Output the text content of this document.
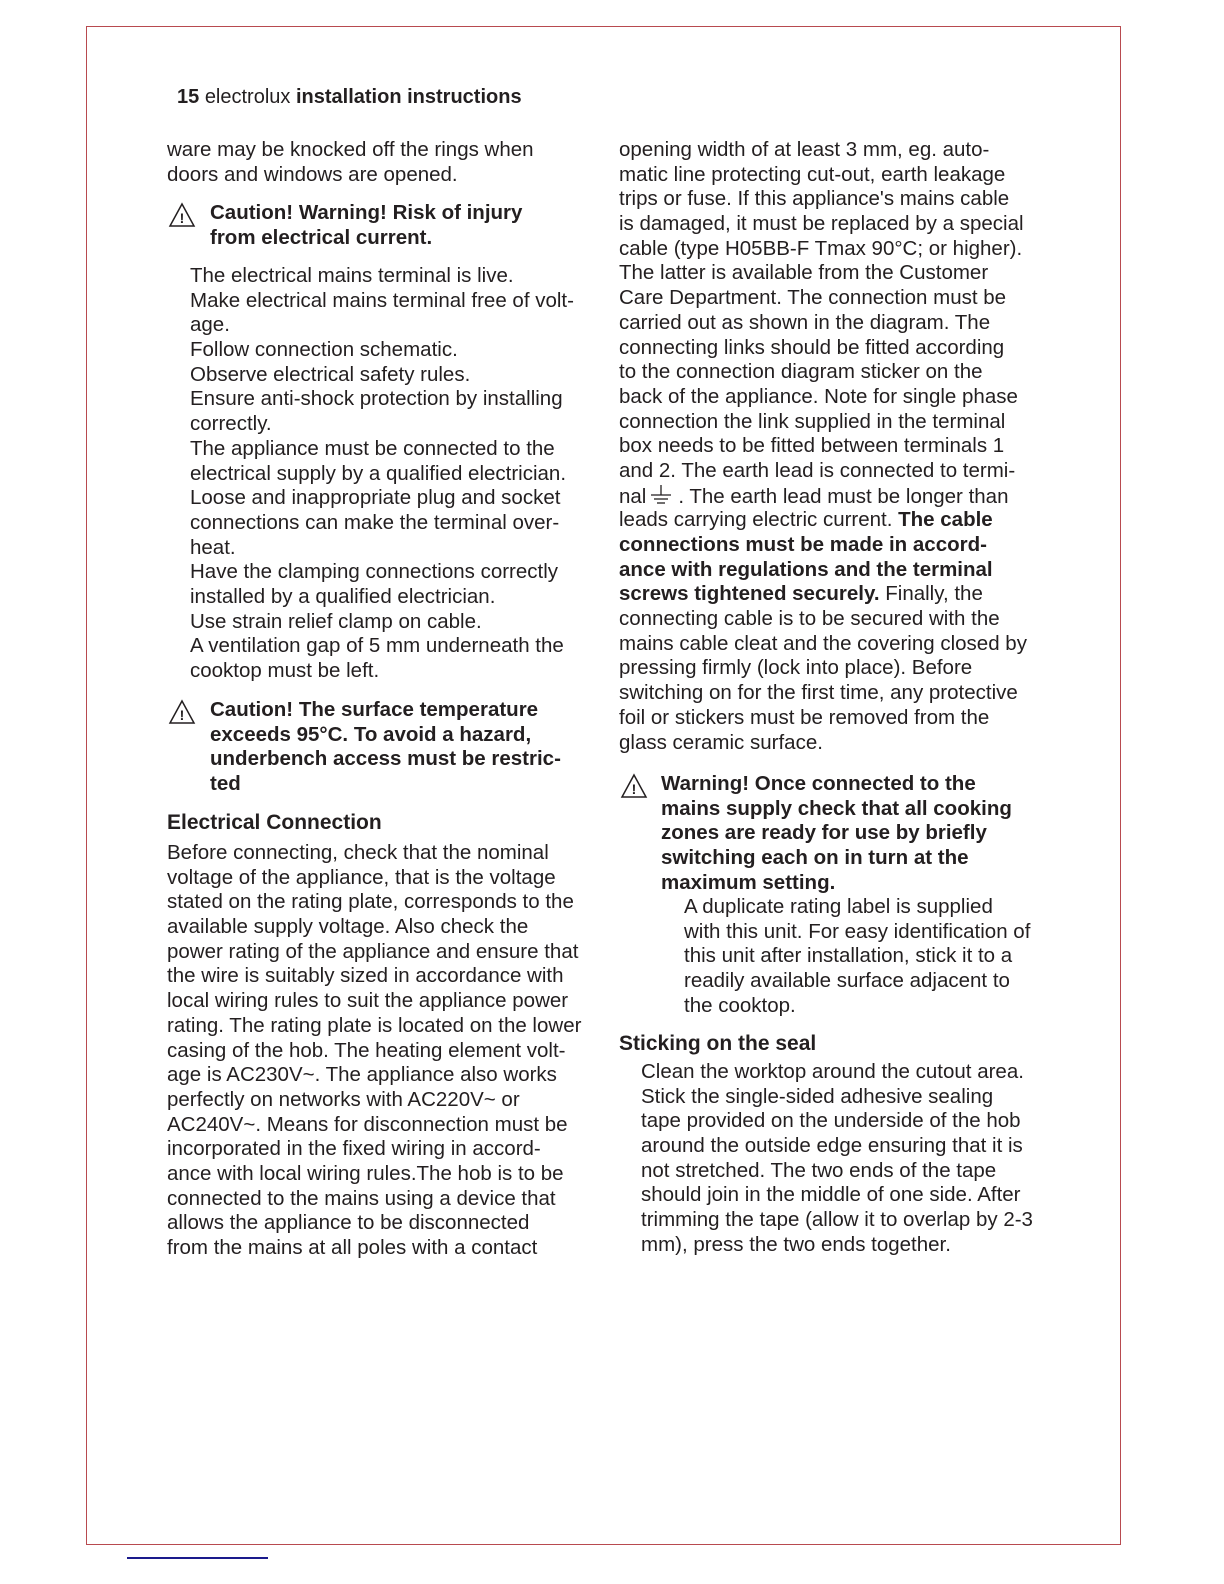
15 electrolux installation instructions
ware may be knocked off the rings when
doors and windows are opened.
! Caution! Warning! Risk of injury
from electrical current.
The electrical mains terminal is live.
Make electrical mains terminal free of volt-
age.
Follow connection schematic.
Observe electrical safety rules.
Ensure anti-shock protection by installing
correctly.
The appliance must be connected to the
electrical supply by a qualified electrician.
Loose and inappropriate plug and socket
connections can make the terminal over-
heat.
Have the clamping connections correctly
installed by a qualified electrician.
Use strain relief clamp on cable.
A ventilation gap of 5 mm underneath the
cooktop must be left.
! Caution! The surface temperature
exceeds 95°C. To avoid a hazard,
underbench access must be restric-
ted
Electrical Connection
Before connecting, check that the nominal
voltage of the appliance, that is the voltage
stated on the rating plate, corresponds to the
available supply voltage. Also check the
power rating of the appliance and ensure that
the wire is suitably sized in accordance with
local wiring rules to suit the appliance power
rating. The rating plate is located on the lower
casing of the hob. The heating element volt-
age is AC230V~. The appliance also works
perfectly on networks with AC220V~ or
AC240V~. Means for disconnection must be
incorporated in the fixed wiring in accord-
ance with local wiring rules.The hob is to be
connected to the mains using a device that
allows the appliance to be disconnected
from the mains at all poles with a contact
opening width of at least 3 mm, eg. auto-
matic line protecting cut-out, earth leakage
trips or fuse. If this appliance's mains cable
is damaged, it must be replaced by a special
cable (type H05BB-F Tmax 90°C; or higher).
The latter is available from the Customer
Care Department. The connection must be
carried out as shown in the diagram. The
connecting links should be fitted according
to the connection diagram sticker on the
back of the appliance. Note for single phase
connection the link supplied in the terminal
box needs to be fitted between terminals 1
and 2. The earth lead is connected to termi-
nal . The earth lead must be longer than
leads carrying electric current. The cable
connections must be made in accord-
ance with regulations and the terminal
screws tightened securely. Finally, the
connecting cable is to be secured with the
mains cable cleat and the covering closed by
pressing firmly (lock into place). Before
switching on for the first time, any protective
foil or stickers must be removed from the
glass ceramic surface.
! Warning! Once connected to the
mains supply check that all cooking
zones are ready for use by briefly
switching each on in turn at the
maximum setting.
A duplicate rating label is supplied
with this unit. For easy identification of
this unit after installation, stick it to a
readily available surface adjacent to
the cooktop.
Sticking on the seal
Clean the worktop around the cutout area.
Stick the single-sided adhesive sealing
tape provided on the underside of the hob
around the outside edge ensuring that it is
not stretched. The two ends of the tape
should join in the middle of one side. After
trimming the tape (allow it to overlap by 2-3
mm), press the two ends together.
